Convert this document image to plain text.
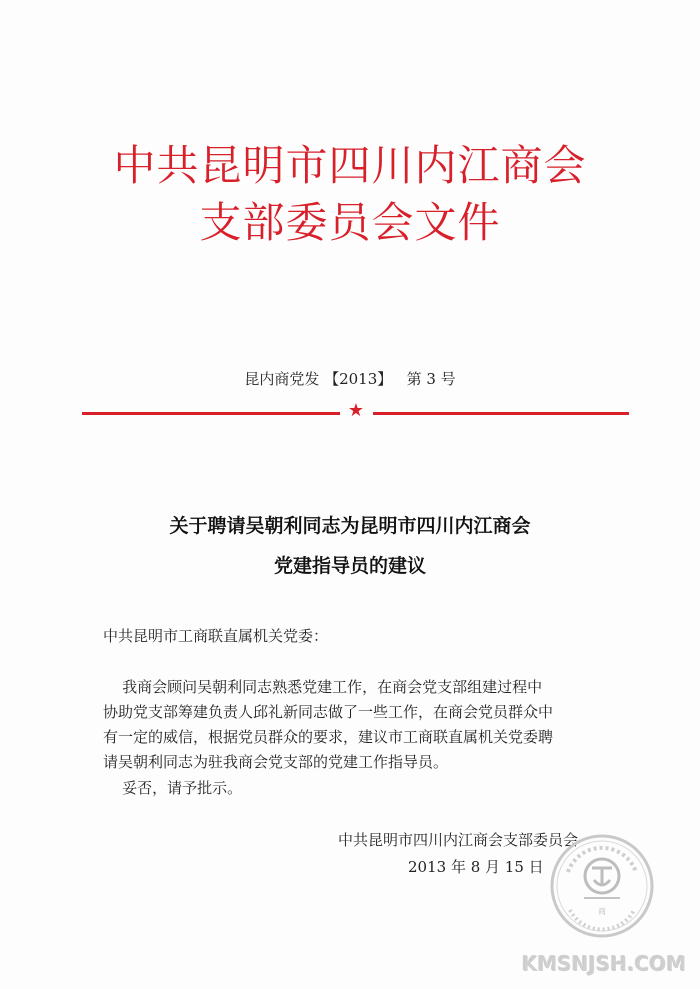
中共昆明市四川内江商会
支部委员会文件
昆内商党发 【2013】   第 3 号
★
关于聘请吴朝利同志为昆明市四川内江商会
党建指导员的建议
中共昆明市工商联直属机关党委：
我商会顾问吴朝利同志熟悉党建工作，在商会党支部组建过程中
协助党支部筹建负责人邱礼新同志做了一些工作，在商会党员群众中
有一定的威信，根据党员群众的要求，建议市工商联直属机关党委聘
请吴朝利同志为驻我商会党支部的党建工作指导员。
妥否，请予批示。
中共昆明市四川内江商会支部委员会
2013 年 8 月 15 日
商
KMSNJSH.COM
